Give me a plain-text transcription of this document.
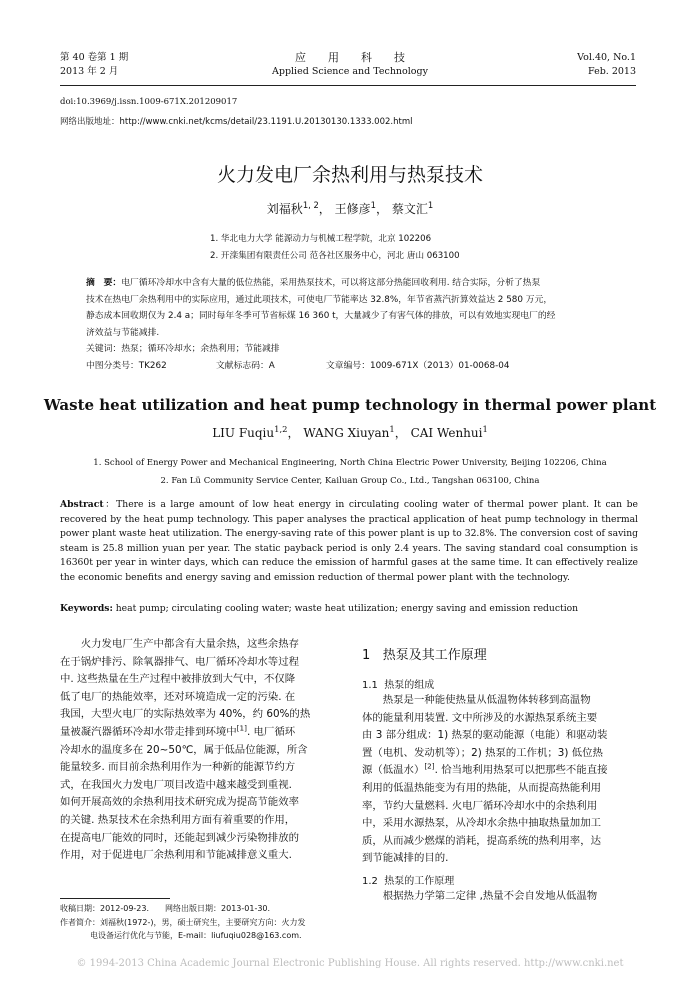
第 40 卷第 1 期
2013 年 2 月
应　　用　　科　　技
Applied Science and Technology
Vol.40, No.1
Feb. 2013
doi:10.3969/j.issn.1009-671X.201209017
网络出版地址：http://www.cnki.net/kcms/detail/23.1191.U.20130130.1333.002.html
火力发电厂余热利用与热泵技术
刘福秋$^{1, 2}$， 王修彦$^1$， 蔡文汇$^1$
1. 华北电力大学 能源动力与机械工程学院，北京 102206
2. 开滦集团有限责任公司 范各社区服务中心，河北 唐山 063100
摘　要：电厂循环冷却水中含有大量的低位热能，采用热泵技术，可以将这部分热能回收利用. 结合实际，分析了热泵
技术在热电厂余热利用中的实际应用，通过此项技术，可使电厂节能率达 32.8%，年节省蒸汽折算效益达 2 580 万元，
静态成本回收期仅为 2.4 a；同时每年冬季可节省标煤 16 360 t，大量减少了有害气体的排放，可以有效地实现电厂的经
济效益与节能减排.
关键词：热泵；循环冷却水；余热利用；节能减排
中图分类号：TK262	文献标志码：A	文章编号：1009-671X（2013）01-0068-04
Waste heat utilization and heat pump technology in thermal power plant
LIU Fuqiu$^{1,2}$， WANG Xiuyan$^1$， CAI Wenhui$^1$
1. School of Energy Power and Mechanical Engineering, North China Electric Power University, Beijing 102206, China
2. Fan Lü Community Service Center, Kailuan Group Co., Ltd., Tangshan 063100, China
Abstract：There is a large amount of low heat energy in circulating cooling water of thermal power plant. It can be recovered by the heat pump technology. This paper analyses the practical application of heat pump technology in thermal power plant waste heat utilization. The energy-saving rate of this power plant is up to 32.8%. The conversion cost of saving steam is 25.8 million yuan per year. The static payback period is only 2.4 years. The saving standard coal consumption is 16360t per year in winter days, which can reduce the emission of harmful gases at the same time. It can effectively realize the economic benefits and energy saving and emission reduction of thermal power plant with the technology.
Keywords: heat pump; circulating cooling water; waste heat utilization; energy saving and emission reduction
　　火力发电厂生产中都含有大量余热，这些余热存
在于锅炉排污、除氧器排气、电厂循环冷却水等过程
中. 这些热量在生产过程中被排放到大气中，不仅降
低了电厂的热能效率，还对环境造成一定的污染. 在
我国，大型火电厂的实际热效率为 40%，约 60%的热
量被凝汽器循环冷却水带走排到环境中[1]. 电厂循环
冷却水的温度多在 20~50℃，属于低品位能源，所含
能量较多. 而目前余热利用作为一种新的能源节约方
式，在我国火力发电厂项目改造中越来越受到重视.
如何开展高效的余热利用技术研究成为提高节能效率
的关键. 热泵技术在余热利用方面有着重要的作用，
在提高电厂能效的同时，还能起到减少污染物排放的
作用，对于促进电厂余热利用和节能减排意义重大.
收稿日期：2012-09-23.　　网络出版日期：2013-01-30.
作者简介：刘福秋(1972-)，男，硕士研究生，主要研究方向：火力发
电设备运行优化与节能，E-mail：liufuqiu028@163.com.
1 热泵及其工作原理
1.1 热泵的组成
　　热泵是一种能使热量从低温物体转移到高温物
体的能量利用装置. 文中所涉及的水源热泵系统主要
由 3 部分组成：1) 热泵的驱动能源（电能）和驱动装
置（电机、发动机等）；2) 热泵的工作机；3) 低位热
源（低温水）[2]. 恰当地利用热泵可以把那些不能直接
利用的低温热能变为有用的热能，从而提高热能利用
率，节约大量燃料. 火电厂循环冷却水中的余热利用
中，采用水源热泵，从冷却水余热中抽取热量加加工
质，从而减少燃煤的消耗，提高系统的热利用率，达
到节能减排的目的.
1.2 热泵的工作原理
　　根据热力学第二定律 ,热量不会自发地从低温物
© 1994-2013 China Academic Journal Electronic Publishing House. All rights reserved. http://www.cnki.net
